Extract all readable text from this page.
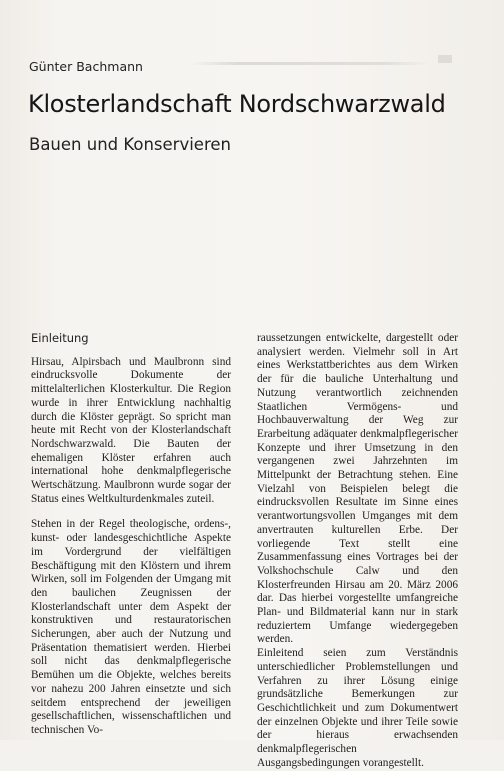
Günter Bachmann
Klosterlandschaft Nordschwarzwald
Bauen und Konservieren
Einleitung

Hirsau, Alpirsbach und Maulbronn sind eindrucksvolle Dokumente der mittelalterlichen Klosterkultur. Die Region wurde in ihrer Entwicklung nachhaltig durch die Klöster geprägt. So spricht man heute mit Recht von der Klosterlandschaft Nordschwarzwald. Die Bauten der ehemaligen Klöster erfahren auch international hohe denkmalpflegerische Wertschätzung. Maulbronn wurde sogar der Status eines Weltkulturdenkmales zuteil.

Stehen in der Regel theologische, ordens-, kunst- oder landesgeschichtliche Aspekte im Vordergrund der vielfältigen Beschäftigung mit den Klöstern und ihrem Wirken, soll im Folgenden der Umgang mit den baulichen Zeugnissen der Klosterlandschaft unter dem Aspekt der konstruktiven und restauratorischen Sicherungen, aber auch der Nutzung und Präsentation thematisiert werden. Hierbei soll nicht das denkmalpflegerische Bemühen um die Objekte, welches bereits vor nahezu 200 Jahren einsetzte und sich seitdem entsprechend der jeweiligen gesellschaftlichen, wissenschaftlichen und technischen Vo-

raussetzungen entwickelte, dargestellt oder analysiert werden. Vielmehr soll in Art eines Werkstattberichtes aus dem Wirken der für die bauliche Unterhaltung und Nutzung verantwortlich zeichnenden Staatlichen Vermögens- und Hochbauverwaltung der Weg zur Erarbeitung adäquater denkmalpflegerischer Konzepte und ihrer Umsetzung in den vergangenen zwei Jahrzehnten im Mittelpunkt der Betrachtung stehen. Eine Vielzahl von Beispielen belegt die eindrucksvollen Resultate im Sinne eines verantwortungsvollen Umganges mit dem anvertrauten kulturellen Erbe. Der vorliegende Text stellt eine Zusammenfassung eines Vortrages bei der Volkshochschule Calw und den Klosterfreunden Hirsau am 20. März 2006 dar. Das hierbei vorgestellte umfangreiche Plan- und Bildmaterial kann nur in stark reduziertem Umfange wiedergegeben werden.

Einleitend seien zum Verständnis unterschiedlicher Problemstellungen und Verfahren zu ihrer Lösung einige grundsätzliche Bemerkungen zur Geschichtlichkeit und zum Dokumentwert der einzelnen Objekte und ihrer Teile sowie der hieraus erwachsenden denkmalpflegerischen Ausgangsbedingungen vorangestellt.
